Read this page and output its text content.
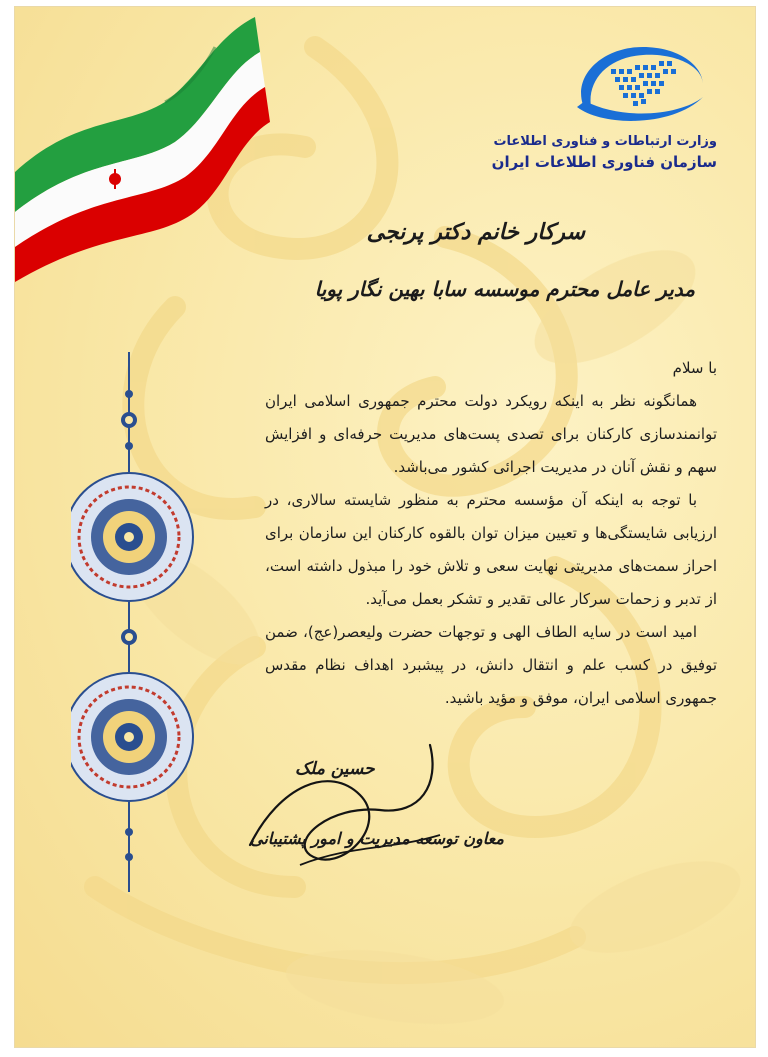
وزارت ارتباطات و فناوری اطلاعات

سازمان فناوری اطلاعات ایران

سرکار خانم دکتر پرنجی

مدیر عامل محترم موسسه سابا بهین نگار پویا

با سلام

همانگونه نظر به اینکه رویکرد دولت محترم جمهوری اسلامی ایران توانمندسازی کارکنان برای تصدی پست‌های مدیریت حرفه‌ای و افزایش سهم و نقش آنان در مدیریت اجرائی کشور می‌باشد.

با توجه به اینکه آن مؤسسه محترم به منظور شایسته سالاری، در ارزیابی شایستگی‌ها و تعیین میزان توان بالقوه کارکنان این سازمان برای احراز سمت‌های مدیریتی نهایت سعی و تلاش خود را مبذول داشته است، از تدبر و زحمات سرکار عالی تقدیر و تشکر بعمل می‌آید.

امید است در سایه الطاف الهی و توجهات حضرت ولیعصر(عج)، ضمن توفیق در کسب علم و انتقال دانش، در پیشبرد اهداف نظام مقدس جمهوری اسلامی ایران، موفق و مؤید باشید.

حسین ملک

معاون توسعه مدیریت و امور پشتیبانی
